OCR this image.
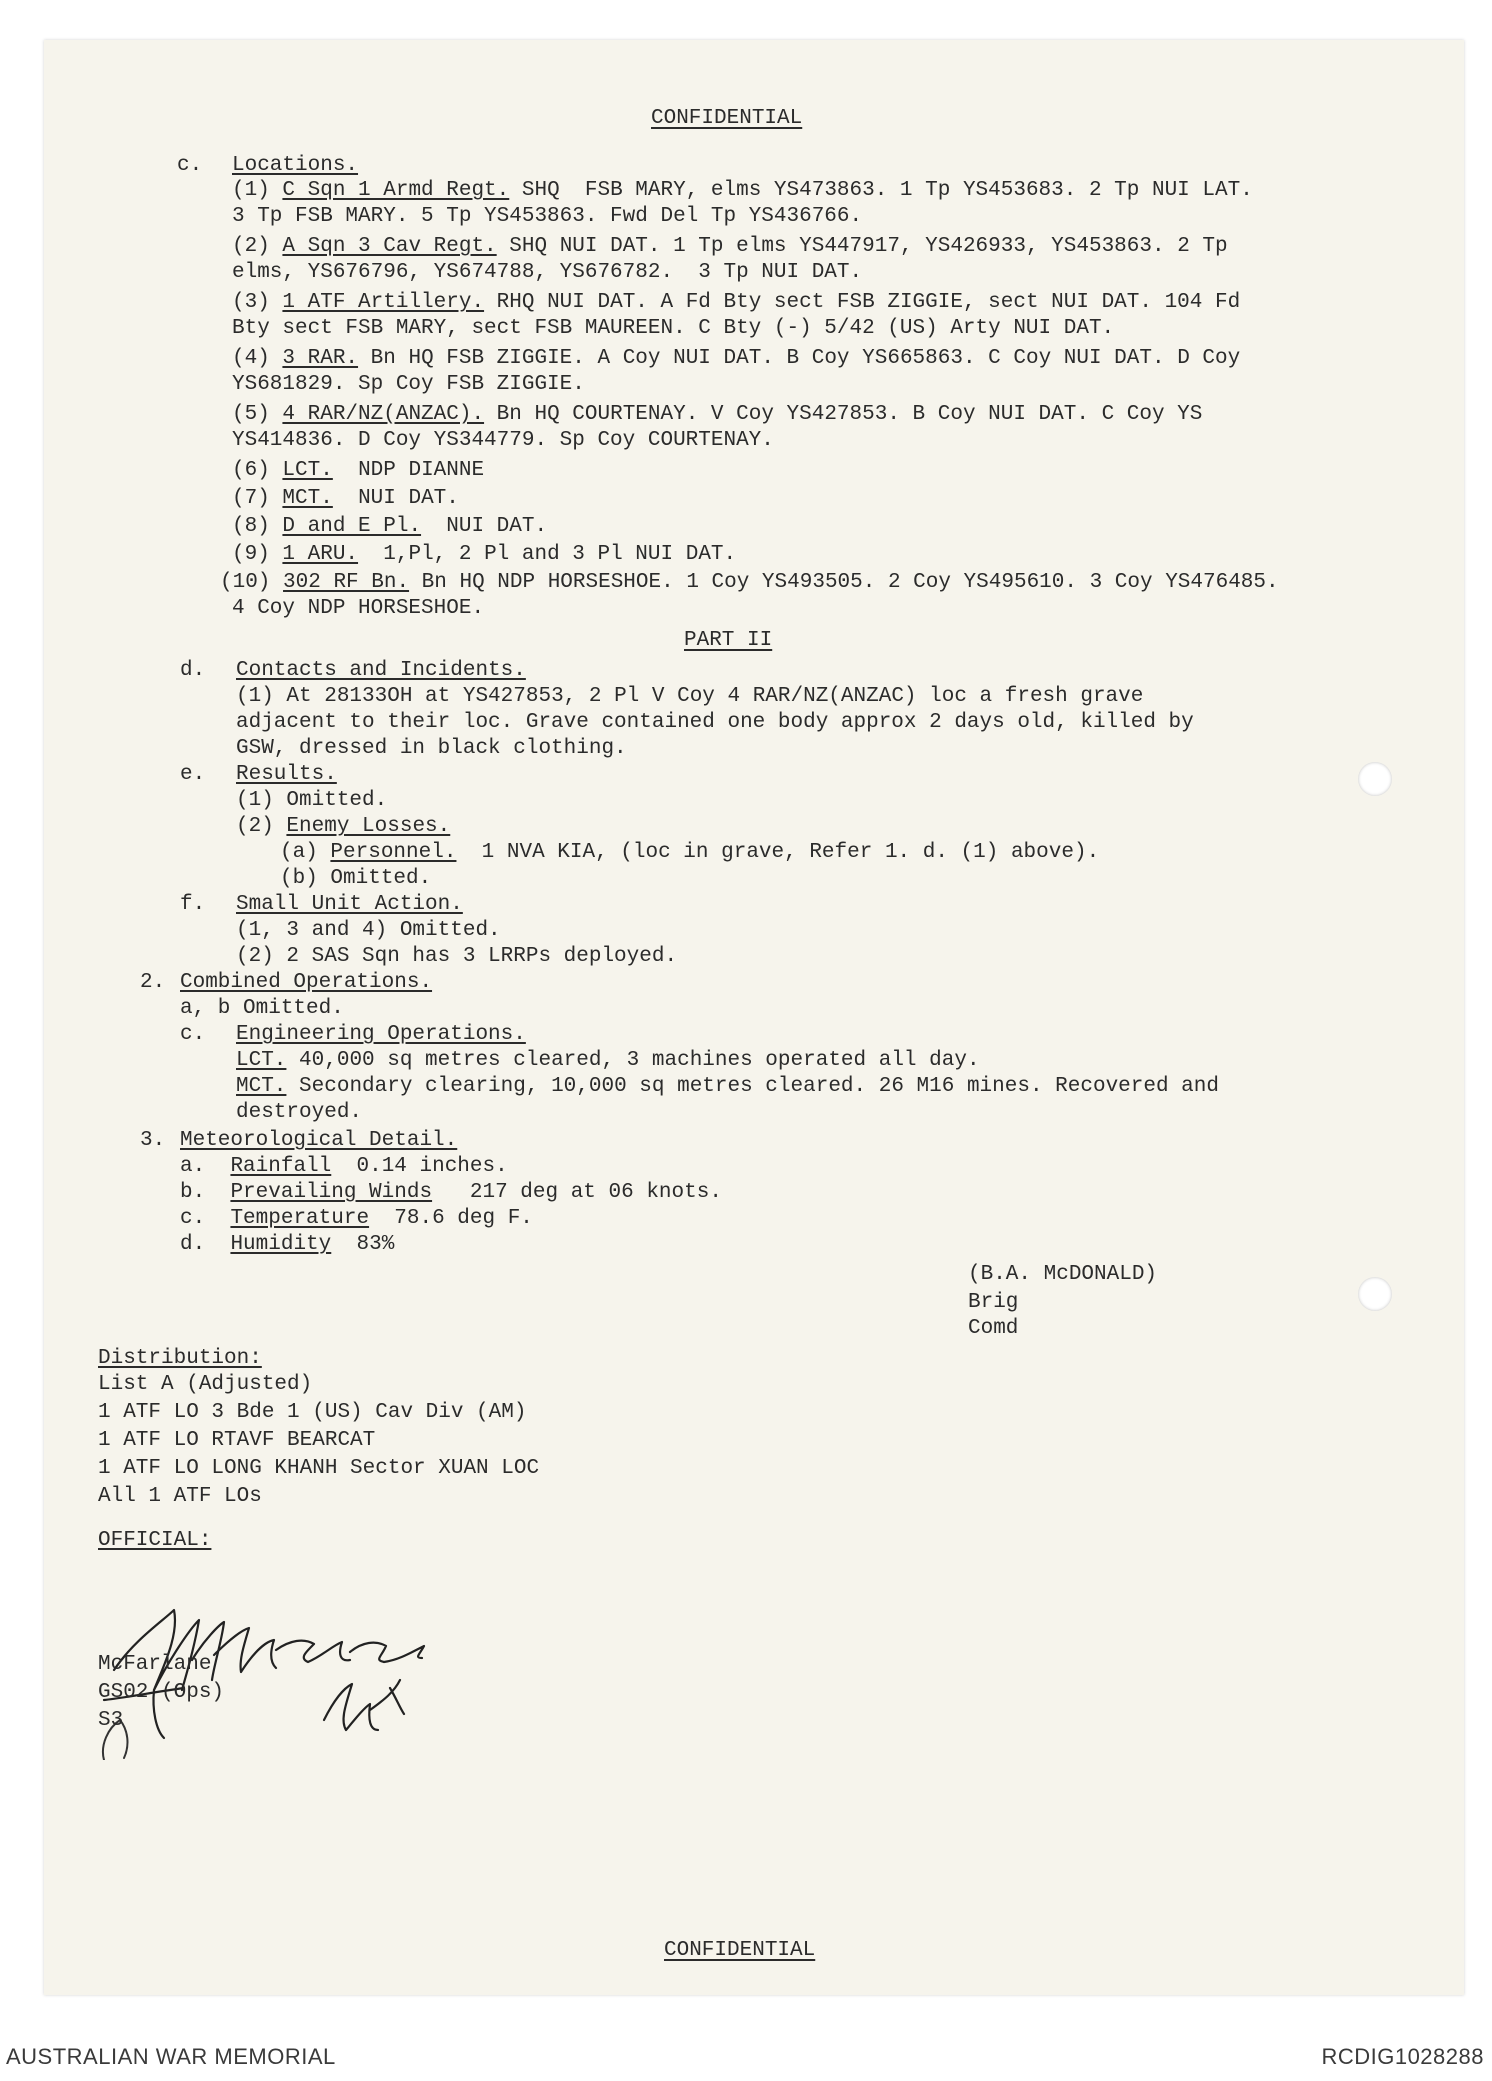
CONFIDENTIAL
c. Locations.
(1) C Sqn 1 Armd Regt. SHQ  FSB MARY, elms YS473863. 1 Tp YS453683. 2 Tp NUI LAT.
3 Tp FSB MARY. 5 Tp YS453863. Fwd Del Tp YS436766.
(2) A Sqn 3 Cav Regt. SHQ NUI DAT. 1 Tp elms YS447917, YS426933, YS453863. 2 Tp
elms, YS676796, YS674788, YS676782.  3 Tp NUI DAT.
(3) 1 ATF Artillery. RHQ NUI DAT. A Fd Bty sect FSB ZIGGIE, sect NUI DAT. 104 Fd
Bty sect FSB MARY, sect FSB MAUREEN. C Bty (-) 5/42 (US) Arty NUI DAT.
(4) 3 RAR. Bn HQ FSB ZIGGIE. A Coy NUI DAT. B Coy YS665863. C Coy NUI DAT. D Coy
YS681829. Sp Coy FSB ZIGGIE.
(5) 4 RAR/NZ(ANZAC). Bn HQ COURTENAY. V Coy YS427853. B Coy NUI DAT. C Coy YS
YS414836. D Coy YS344779. Sp Coy COURTENAY.
(6) LCT. NDP DIANNE
(7) MCT. NUI DAT.
(8) D and E Pl. NUI DAT.
(9) 1 ARU. 1,Pl, 2 Pl and 3 Pl NUI DAT.
(10) 302 RF Bn. Bn HQ NDP HORSESHOE. 1 Coy YS493505. 2 Coy YS495610. 3 Coy YS476485.
4 Coy NDP HORSESHOE.
PART II
d. Contacts and Incidents.
(1) At 28133OH at YS427853, 2 Pl V Coy 4 RAR/NZ(ANZAC) loc a fresh grave
adjacent to their loc. Grave contained one body approx 2 days old, killed by
GSW, dressed in black clothing.
e. Results.
(1) Omitted.
(2) Enemy Losses.
(a) Personnel. 1 NVA KIA, (loc in grave, Refer 1. d. (1) above).
(b) Omitted.
f. Small Unit Action.
(1, 3 and 4) Omitted.
(2) 2 SAS Sqn has 3 LRRPs deployed.
2. Combined Operations.
a, b Omitted.
c. Engineering Operations.
LCT. 40,000 sq metres cleared, 3 machines operated all day.
MCT. Secondary clearing, 10,000 sq metres cleared. 26 M16 mines. Recovered and
destroyed.
3. Meteorological Detail.
a. Rainfall 0.14 inches.
b. Prevailing Winds 217 deg at 06 knots.
c. Temperature 78.6 deg F.
d. Humidity 83%
(B.A. McDONALD)
Brig
Comd
Distribution:
List A (Adjusted)
1 ATF LO 3 Bde 1 (US) Cav Div (AM)
1 ATF LO RTAVF BEARCAT
1 ATF LO LONG KHANH Sector XUAN LOC
All 1 ATF LOs
OFFICIAL:
McFarlane
GS02 (Ops)
S3
CONFIDENTIAL
AUSTRALIAN WAR MEMORIAL	RCDIG1028288
